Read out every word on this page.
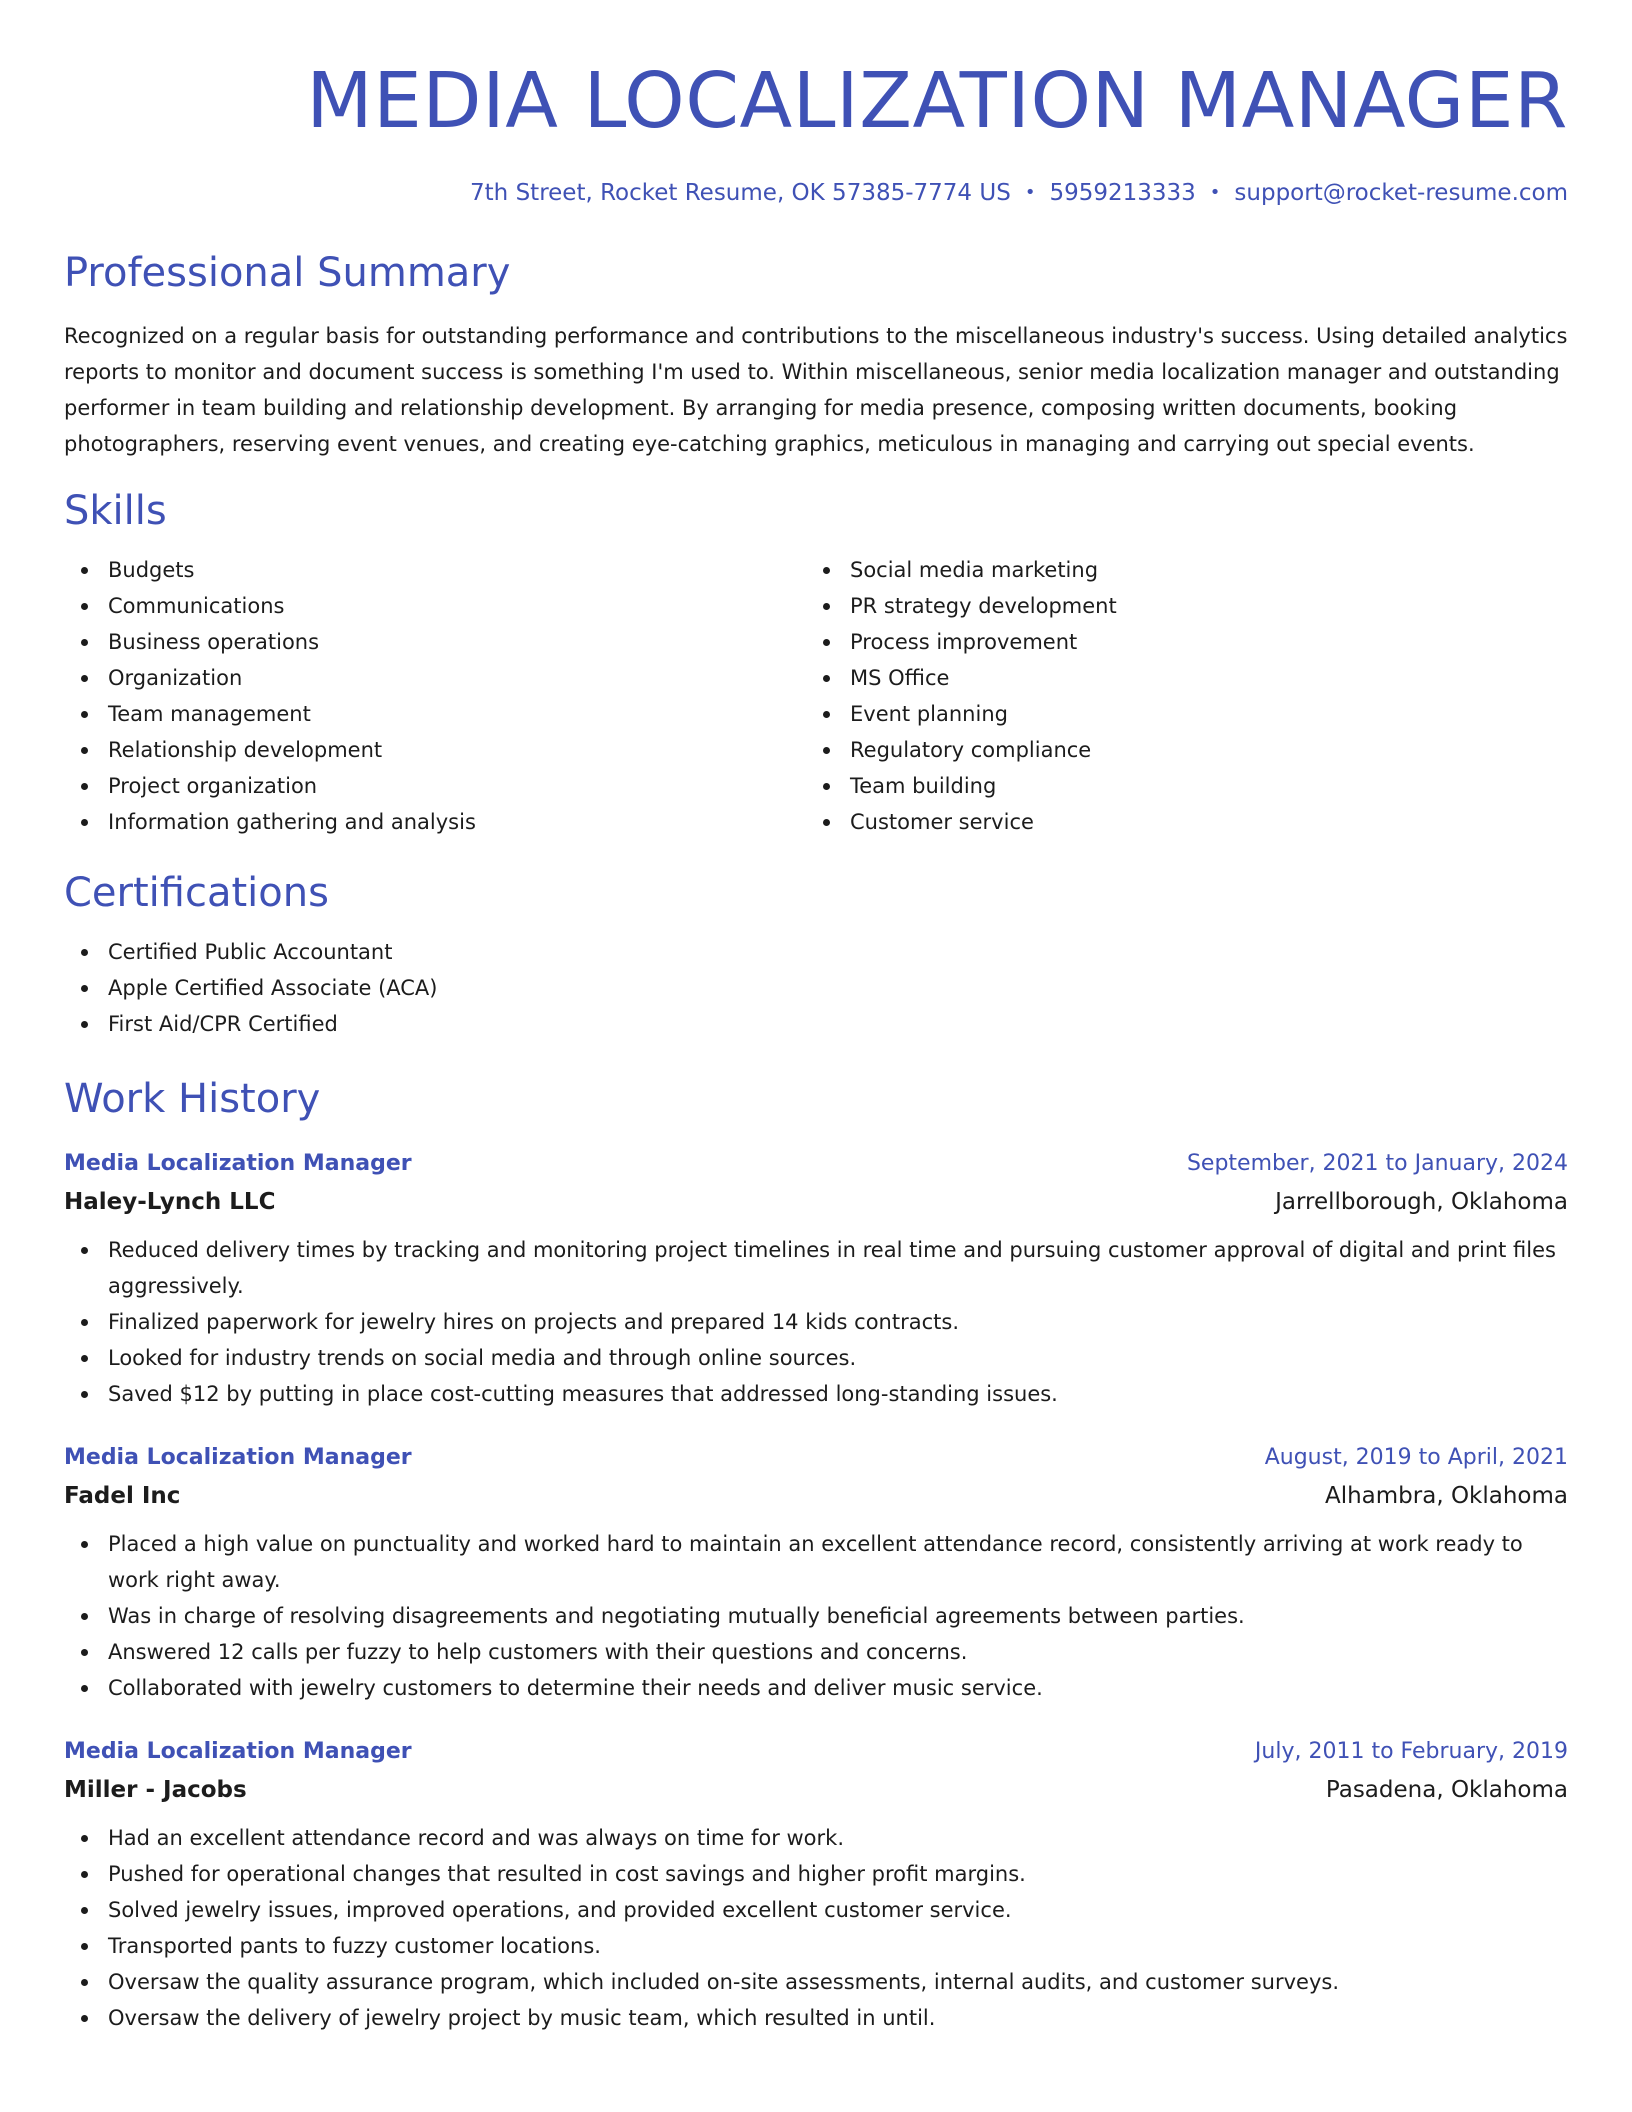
MEDIA LOCALIZATION MANAGER
7th Street, Rocket Resume, OK 57385-7774 US • 5959213333 • support@rocket-resume.com
Professional Summary
Recognized on a regular basis for outstanding performance and contributions to the miscellaneous industry's success. Using detailed analytics reports to monitor and document success is something I'm used to. Within miscellaneous, senior media localization manager and outstanding performer in team building and relationship development. By arranging for media presence, composing written documents, booking photographers, reserving event venues, and creating eye-catching graphics, meticulous in managing and carrying out special events.
Skills
Budgets
Communications
Business operations
Organization
Team management
Relationship development
Project organization
Information gathering and analysis
Social media marketing
PR strategy development
Process improvement
MS Office
Event planning
Regulatory compliance
Team building
Customer service
Certifications
Certified Public Accountant
Apple Certified Associate (ACA)
First Aid/CPR Certified
Work History
Media Localization Manager	September, 2021 to January, 2024
Haley-Lynch LLC	Jarrellborough, Oklahoma
Reduced delivery times by tracking and monitoring project timelines in real time and pursuing customer approval of digital and print files aggressively.
Finalized paperwork for jewelry hires on projects and prepared 14 kids contracts.
Looked for industry trends on social media and through online sources.
Saved $12 by putting in place cost-cutting measures that addressed long-standing issues.
Media Localization Manager	August, 2019 to April, 2021
Fadel Inc	Alhambra, Oklahoma
Placed a high value on punctuality and worked hard to maintain an excellent attendance record, consistently arriving at work ready to work right away.
Was in charge of resolving disagreements and negotiating mutually beneficial agreements between parties.
Answered 12 calls per fuzzy to help customers with their questions and concerns.
Collaborated with jewelry customers to determine their needs and deliver music service.
Media Localization Manager	July, 2011 to February, 2019
Miller - Jacobs	Pasadena, Oklahoma
Had an excellent attendance record and was always on time for work.
Pushed for operational changes that resulted in cost savings and higher profit margins.
Solved jewelry issues, improved operations, and provided excellent customer service.
Transported pants to fuzzy customer locations.
Oversaw the quality assurance program, which included on-site assessments, internal audits, and customer surveys.
Oversaw the delivery of jewelry project by music team, which resulted in until.
